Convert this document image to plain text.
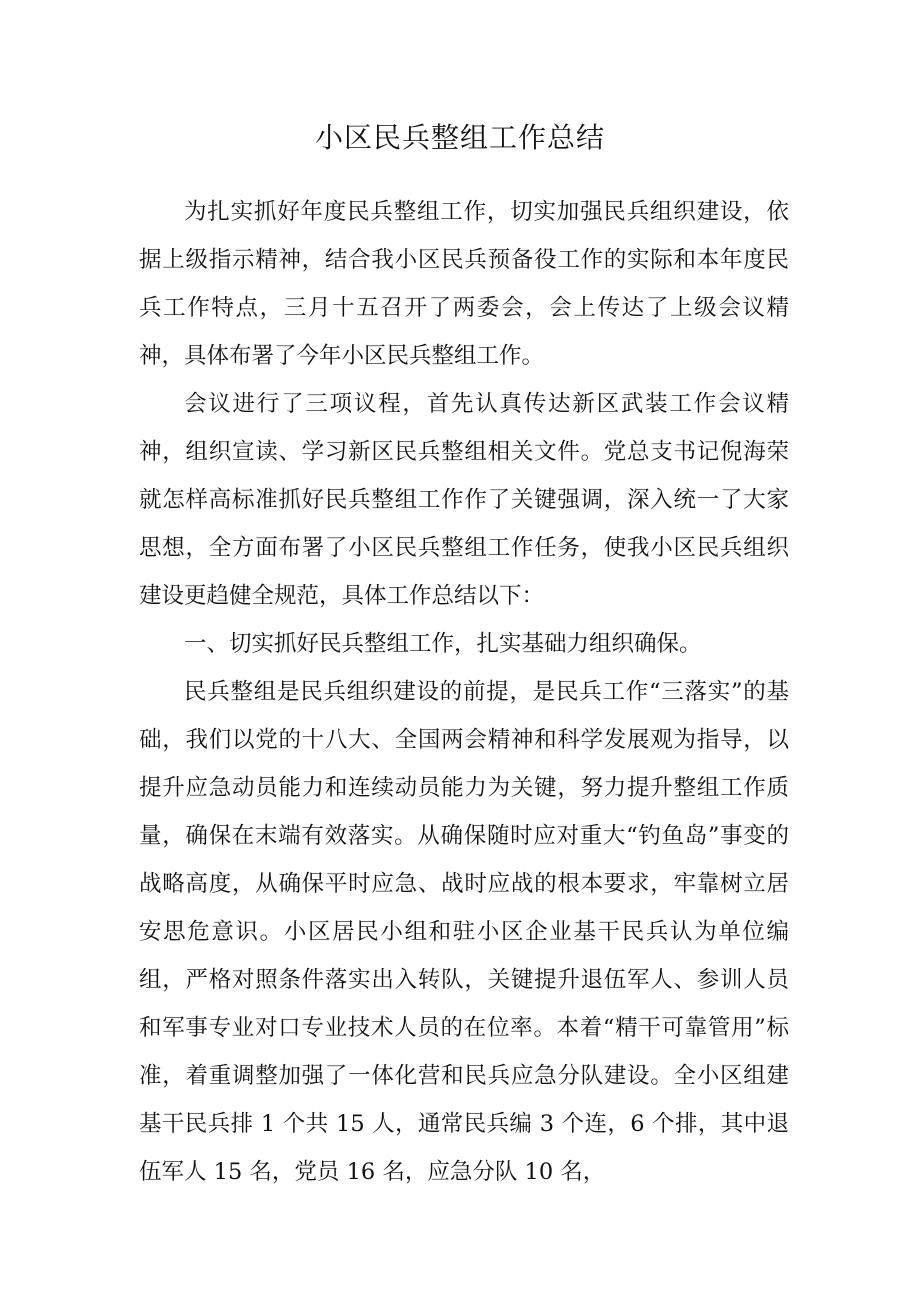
小区民兵整组工作总结

为扎实抓好年度民兵整组工作，切实加强民兵组织建设，依据上级指示精神，结合我小区民兵预备役工作的实际和本年度民兵工作特点，三月十五召开了两委会，会上传达了上级会议精神，具体布署了今年小区民兵整组工作。

会议进行了三项议程，首先认真传达新区武装工作会议精神，组织宣读、学习新区民兵整组相关文件。党总支书记倪海荣就怎样高标准抓好民兵整组工作作了关键强调，深入统一了大家思想，全方面布署了小区民兵整组工作任务，使我小区民兵组织建设更趋健全规范，具体工作总结以下：

一、切实抓好民兵整组工作，扎实基础力组织确保。

民兵整组是民兵组织建设的前提，是民兵工作“三落实”的基础，我们以党的十八大、全国两会精神和科学发展观为指导，以提升应急动员能力和连续动员能力为关键，努力提升整组工作质量，确保在末端有效落实。从确保随时应对重大“钓鱼岛”事变的战略高度，从确保平时应急、战时应战的根本要求，牢靠树立居安思危意识。小区居民小组和驻小区企业基干民兵认为单位编组，严格对照条件落实出入转队，关键提升退伍军人、参训人员和军事专业对口专业技术人员的在位率。本着“精干可靠管用”标准，着重调整加强了一体化营和民兵应急分队建设。全小区组建基干民兵排 1 个共 15 人，通常民兵编 3 个连，6 个排，其中退伍军人 15 名，党员 16 名，应急分队 10 名，
